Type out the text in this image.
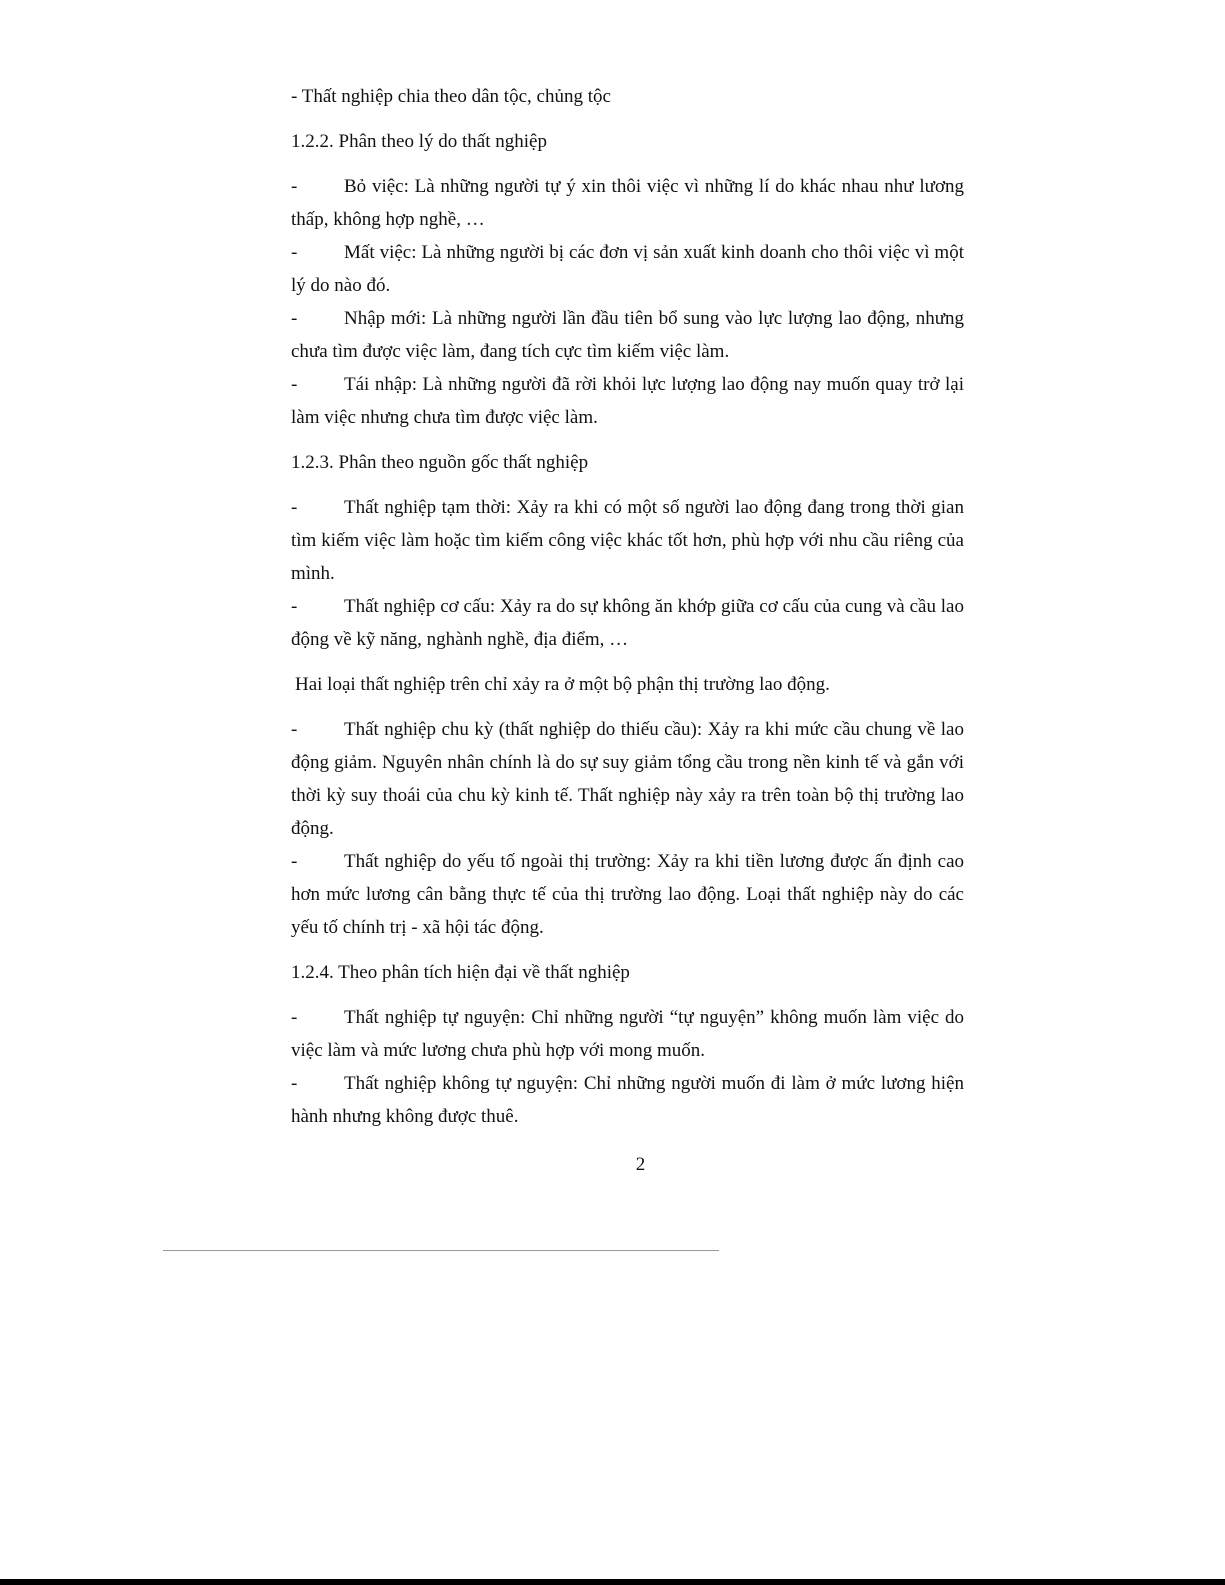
- Thất nghiệp chia theo dân tộc, chủng tộc

1.2.2. Phân theo lý do thất nghiệp

- Bỏ việc: Là những người tự ý xin thôi việc vì những lí do khác nhau như lương thấp, không hợp nghề, …

- Mất việc: Là những người bị các đơn vị sản xuất kinh doanh cho thôi việc vì một lý do nào đó.

- Nhập mới: Là những người lần đầu tiên bổ sung vào lực lượng lao động, nhưng chưa tìm được việc làm, đang tích cực tìm kiếm việc làm.

- Tái nhập: Là những người đã rời khỏi lực lượng lao động nay muốn quay trở lại làm việc nhưng chưa tìm được việc làm.

1.2.3. Phân theo nguồn gốc thất nghiệp

- Thất nghiệp tạm thời: Xảy ra khi có một số người lao động đang trong thời gian tìm kiếm việc làm hoặc tìm kiếm công việc khác tốt hơn, phù hợp với nhu cầu riêng của mình.

- Thất nghiệp cơ cấu: Xảy ra do sự không ăn khớp giữa cơ cấu của cung và cầu lao động về kỹ năng, nghành nghề, địa điểm, …

Hai loại thất nghiệp trên chỉ xảy ra ở một bộ phận thị trường lao động.

- Thất nghiệp chu kỳ (thất nghiệp do thiếu cầu): Xảy ra khi mức cầu chung về lao động giảm. Nguyên nhân chính là do sự suy giảm tổng cầu trong nền kinh tế và gắn với thời kỳ suy thoái của chu kỳ kinh tế. Thất nghiệp này xảy ra trên toàn bộ thị trường lao động.

- Thất nghiệp do yếu tố ngoài thị trường: Xảy ra khi tiền lương được ấn định cao hơn mức lương cân bằng thực tế của thị trường lao động. Loại thất nghiệp này do các yếu tố chính trị - xã hội tác động.

1.2.4. Theo phân tích hiện đại về thất nghiệp

- Thất nghiệp tự nguyện: Chỉ những người “tự nguyện” không muốn làm việc do việc làm và mức lương chưa phù hợp với mong muốn.

- Thất nghiệp không tự nguyện: Chỉ những người muốn đi làm ở mức lương hiện hành nhưng không được thuê.

2
